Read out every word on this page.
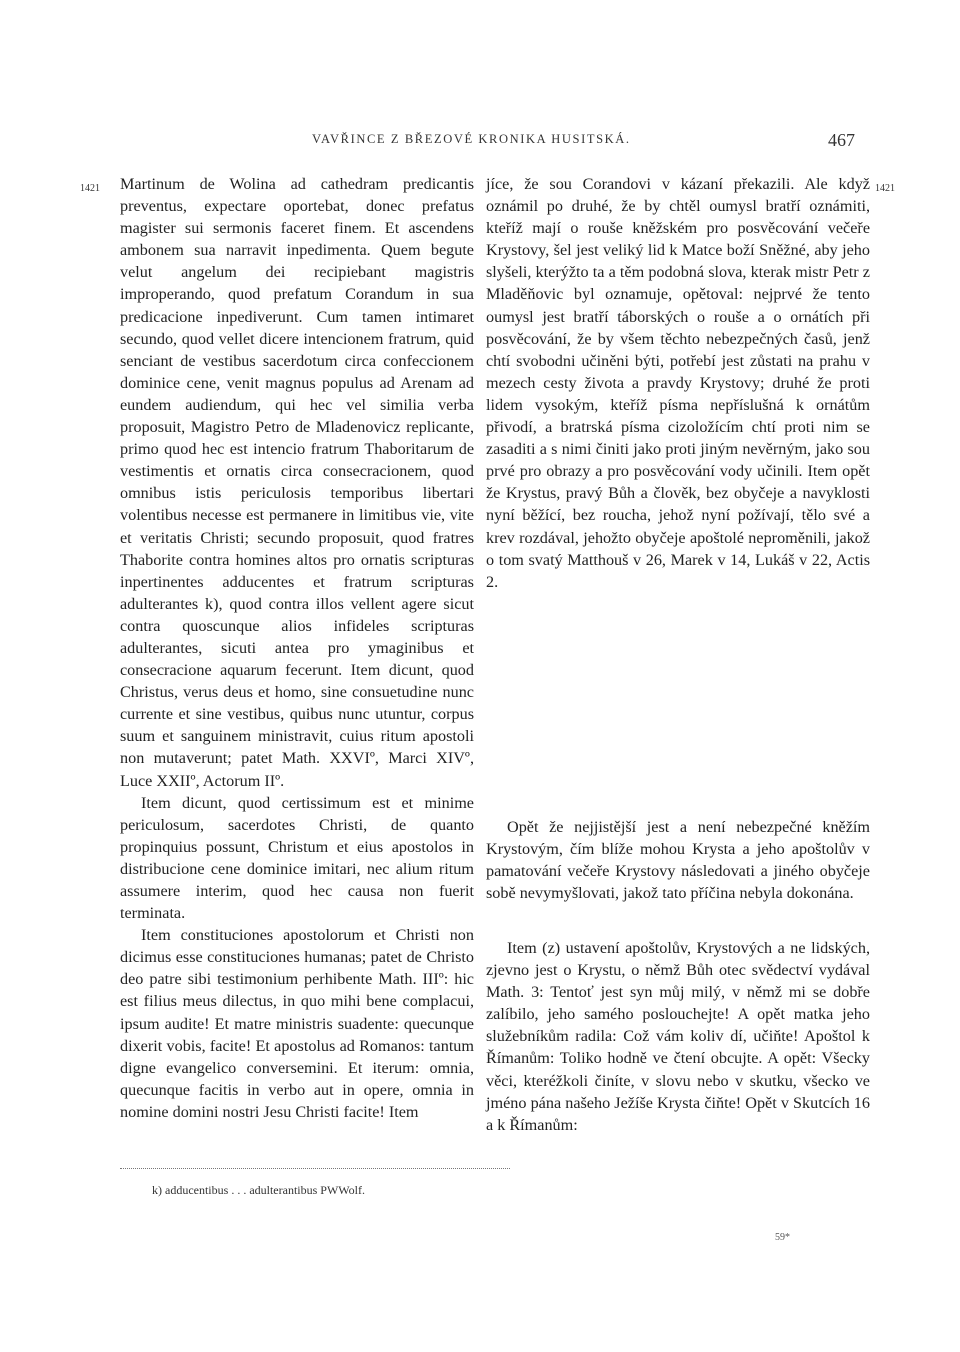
VAVŘINCE Z BŘEZOVÉ KRONIKA HUSITSKÁ.	467
1421	1421

Martinum de Wolina ad cathedram predicantis preventus, expectare oportebat, donec prefatus magister sui sermonis faceret finem. Et ascendens ambonem sua narravit inpedimenta. Quem begute velut angelum dei recipiebant magistris improperando, quod prefatum Corandum in sua predicacione inpediverunt. Cum tamen intimaret secundo, quod vellet dicere intencionem fratrum, quid senciant de vestibus sacerdotum circa confeccionem dominice cene, venit magnus populus ad Arenam ad eundem audiendum, qui hec vel similia verba proposuit, Magistro Petro de Mladenovicz replicante, primo quod hec est intencio fratrum Thaboritarum de vestimentis et ornatis circa consecracionem, quod omnibus istis periculosis temporibus libertari volentibus necesse est permanere in limitibus vie, vite et veritatis Christi; secundo proposuit, quod fratres Thaborite contra homines altos pro ornatis scripturas inpertinentes adducentes et fratrum scripturas adulterantes k), quod contra illos vellent agere sicut contra quoscunque alios infideles scripturas adulterantes, sicuti antea pro ymaginibus et consecracione aquarum fecerunt. Item dicunt, quod Christus, verus deus et homo, sine consuetudine nunc currente et sine vestibus, quibus nunc utuntur, corpus suum et sanguinem ministravit, cuius ritum apostoli non mutaverunt; patet Math. XXVIº, Marci XIVº, Luce XXIIº, Actorum IIº.

Item dicunt, quod certissimum est et minime periculosum, sacerdotes Christi, de quanto propinquius possunt, Christum et eius apostolos in distribucione cene dominice imitari, nec alium ritum assumere interim, quod hec causa non fuerit terminata.

Item constituciones apostolorum et Christi non dicimus esse constituciones humanas; patet de Christo deo patre sibi testimonium perhibente Math. IIIº: hic est filius meus dilectus, in quo mihi bene complacui, ipsum audite! Et matre ministris suadente: quecunque dixerit vobis, facite! Et apostolus ad Romanos: tantum digne evangelico conversemini. Et iterum: omnia, quecunque facitis in verbo aut in opere, omnia in nomine domini nostri Jesu Christi facite! Item

jíce, že sou Corandovi v kázaní překazili. Ale když oznámil po druhé, že by chtěl oumysl bratří oznámiti, kteříž mají o rouše kněžském pro posvěcování večeře Krystovy, šel jest veliký lid k Matce boží Sněžné, aby jeho slyšeli, kterýžto ta a těm podobná slova, kterak mistr Petr z Mladěňovic byl oznamuje, opětoval: nejprvé že tento oumysl jest bratří táborských o rouše a o ornátích při posvěcování, že by všem těchto nebezpečných časů, jenž chtí svobodni učiněni býti, potřebí jest zůstati na prahu v mezech cesty života a pravdy Krystovy; druhé že proti lidem vysokým, kteříž písma nepříslušná k ornátům přivodí, a bratrská písma cizoložícím chtí proti nim se zasaditi a s nimi činiti jako proti jiným nevěrným, jako sou prvé pro obrazy a pro posvěcování vody učinili. Item opět že Krystus, pravý Bůh a člověk, bez obyčeje a navyklosti nyní běžící, bez roucha, jehož nyní požívají, tělo své a krev rozdával, jehožto obyčeje apoštolé neproměnili, jakož o tom svatý Matthouš v 26, Marek v 14, Lukáš v 22, Actis 2.

Opět že nejjistější jest a není nebezpečné kněžím Krystovým, čím blíže mohou Krysta a jeho apoštolův v pamatování večeře Krystovy následovati a jiného obyčeje sobě nevymyšlovati, jakož tato příčina nebyla dokonána.

Item (z) ustavení apoštolův, Krystových a ne lidských, zjevno jest o Krystu, o němž Bůh otec svědectví vydával Math. 3: Tentoť jest syn můj milý, v němž mi se dobře zalíbilo, jeho samého poslouchejte! A opět matka jeho služebníkům radila: Což vám koliv dí, učiňte! Apoštol k Římanům: Toliko hodně ve čtení obcujte. A opět: Všecky věci, kteréžkoli činíte, v slovu nebo v skutku, všecko ve jméno pána našeho Ježíše Krysta čiňte! Opět v Skutcích 16 a k Římanům:

k) adducentibus . . . adulterantibus PWWolf.
59*
